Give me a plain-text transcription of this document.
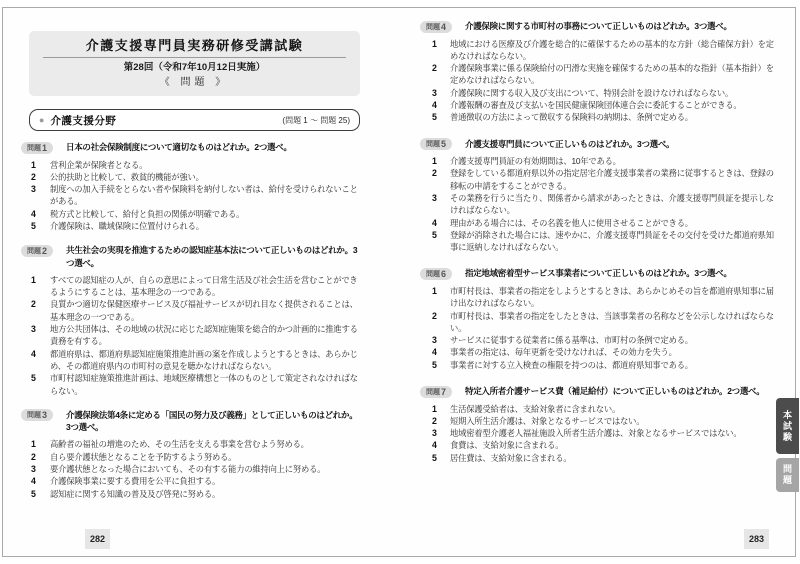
介護支援専門員実務研修受講試験
第28回（令和7年10月12日実施）
《 問題 》
● 介護支援分野	(問題 1 ～ 問題 25)
問題 1 日本の社会保険制度について適切なものはどれか。2つ選べ。
1 営利企業が保険者となる。
2 公的扶助と比較して、救貧的機能が強い。
3 制度への加入手続をとらない者や保険料を納付しない者は、給付を受けられないことがある。
4 税方式と比較して、給付と負担の関係が明確である。
5 介護保険は、職域保険に位置付けられる。
問題 2 共生社会の実現を推進するための認知症基本法について正しいものはどれか。3つ選べ。
1 すべての認知症の人が、自らの意思によって日常生活及び社会生活を営むことができるようにすることは、基本理念の一つである。
2 良質かつ適切な保健医療サービス及び福祉サービスが切れ目なく提供されることは、基本理念の一つである。
3 地方公共団体は、その地域の状況に応じた認知症施策を総合的かつ計画的に推進する責務を有する。
4 都道府県は、都道府県認知症施策推進計画の案を作成しようとするときは、あらかじめ、その都道府県内の市町村の意見を聴かなければならない。
5 市町村認知症施策推進計画は、地域医療構想と一体のものとして策定されなければならない。
問題 3 介護保険法第4条に定める「国民の努力及び義務」として正しいものはどれか。3つ選べ。
1 高齢者の福祉の増進のため、その生活を支える事業を営むよう努める。
2 自ら要介護状態となることを予防するよう努める。
3 要介護状態となった場合においても、その有する能力の維持向上に努める。
4 介護保険事業に要する費用を公平に負担する。
5 認知症に関する知識の普及及び啓発に努める。
問題 4 介護保険に関する市町村の事務について正しいものはどれか。3つ選べ。
1 地域における医療及び介護を総合的に確保するための基本的な方針（総合確保方針）を定めなければならない。
2 介護保険事業に係る保険給付の円滑な実施を確保するための基本的な指針（基本指針）を定めなければならない。
3 介護保険に関する収入及び支出について、特別会計を設けなければならない。
4 介護報酬の審査及び支払いを国民健康保険団体連合会に委託することができる。
5 普通徴収の方法によって徴収する保険料の納期は、条例で定める。
問題 5 介護支援専門員について正しいものはどれか。3つ選べ。
1 介護支援専門員証の有効期間は、10年である。
2 登録をしている都道府県以外の指定居宅介護支援事業者の業務に従事するときは、登録の移転の申請をすることができる。
3 その業務を行うに当たり、関係者から請求があったときは、介護支援専門員証を提示しなければならない。
4 理由がある場合には、その名義を他人に使用させることができる。
5 登録が消除された場合には、速やかに、介護支援専門員証をその交付を受けた都道府県知事に返納しなければならない。
問題 6 指定地域密着型サービス事業者について正しいものはどれか。3つ選べ。
1 市町村長は、事業者の指定をしようとするときは、あらかじめその旨を都道府県知事に届け出なければならない。
2 市町村長は、事業者の指定をしたときは、当該事業者の名称などを公示しなければならない。
3 サービスに従事する従業者に係る基準は、市町村の条例で定める。
4 事業者の指定は、毎年更新を受けなければ、その効力を失う。
5 事業者に対する立入検査の権限を持つのは、都道府県知事である。
問題 7 特定入所者介護サービス費（補足給付）について正しいものはどれか。2つ選べ。
1 生活保護受給者は、支給対象者に含まれない。
2 短期入所生活介護は、対象となるサービスではない。
3 地域密着型介護老人福祉施設入所者生活介護は、対象となるサービスではない。
4 食費は、支給対象に含まれる。
5 居住費は、支給対象に含まれる。
本試験
問題
282	283
